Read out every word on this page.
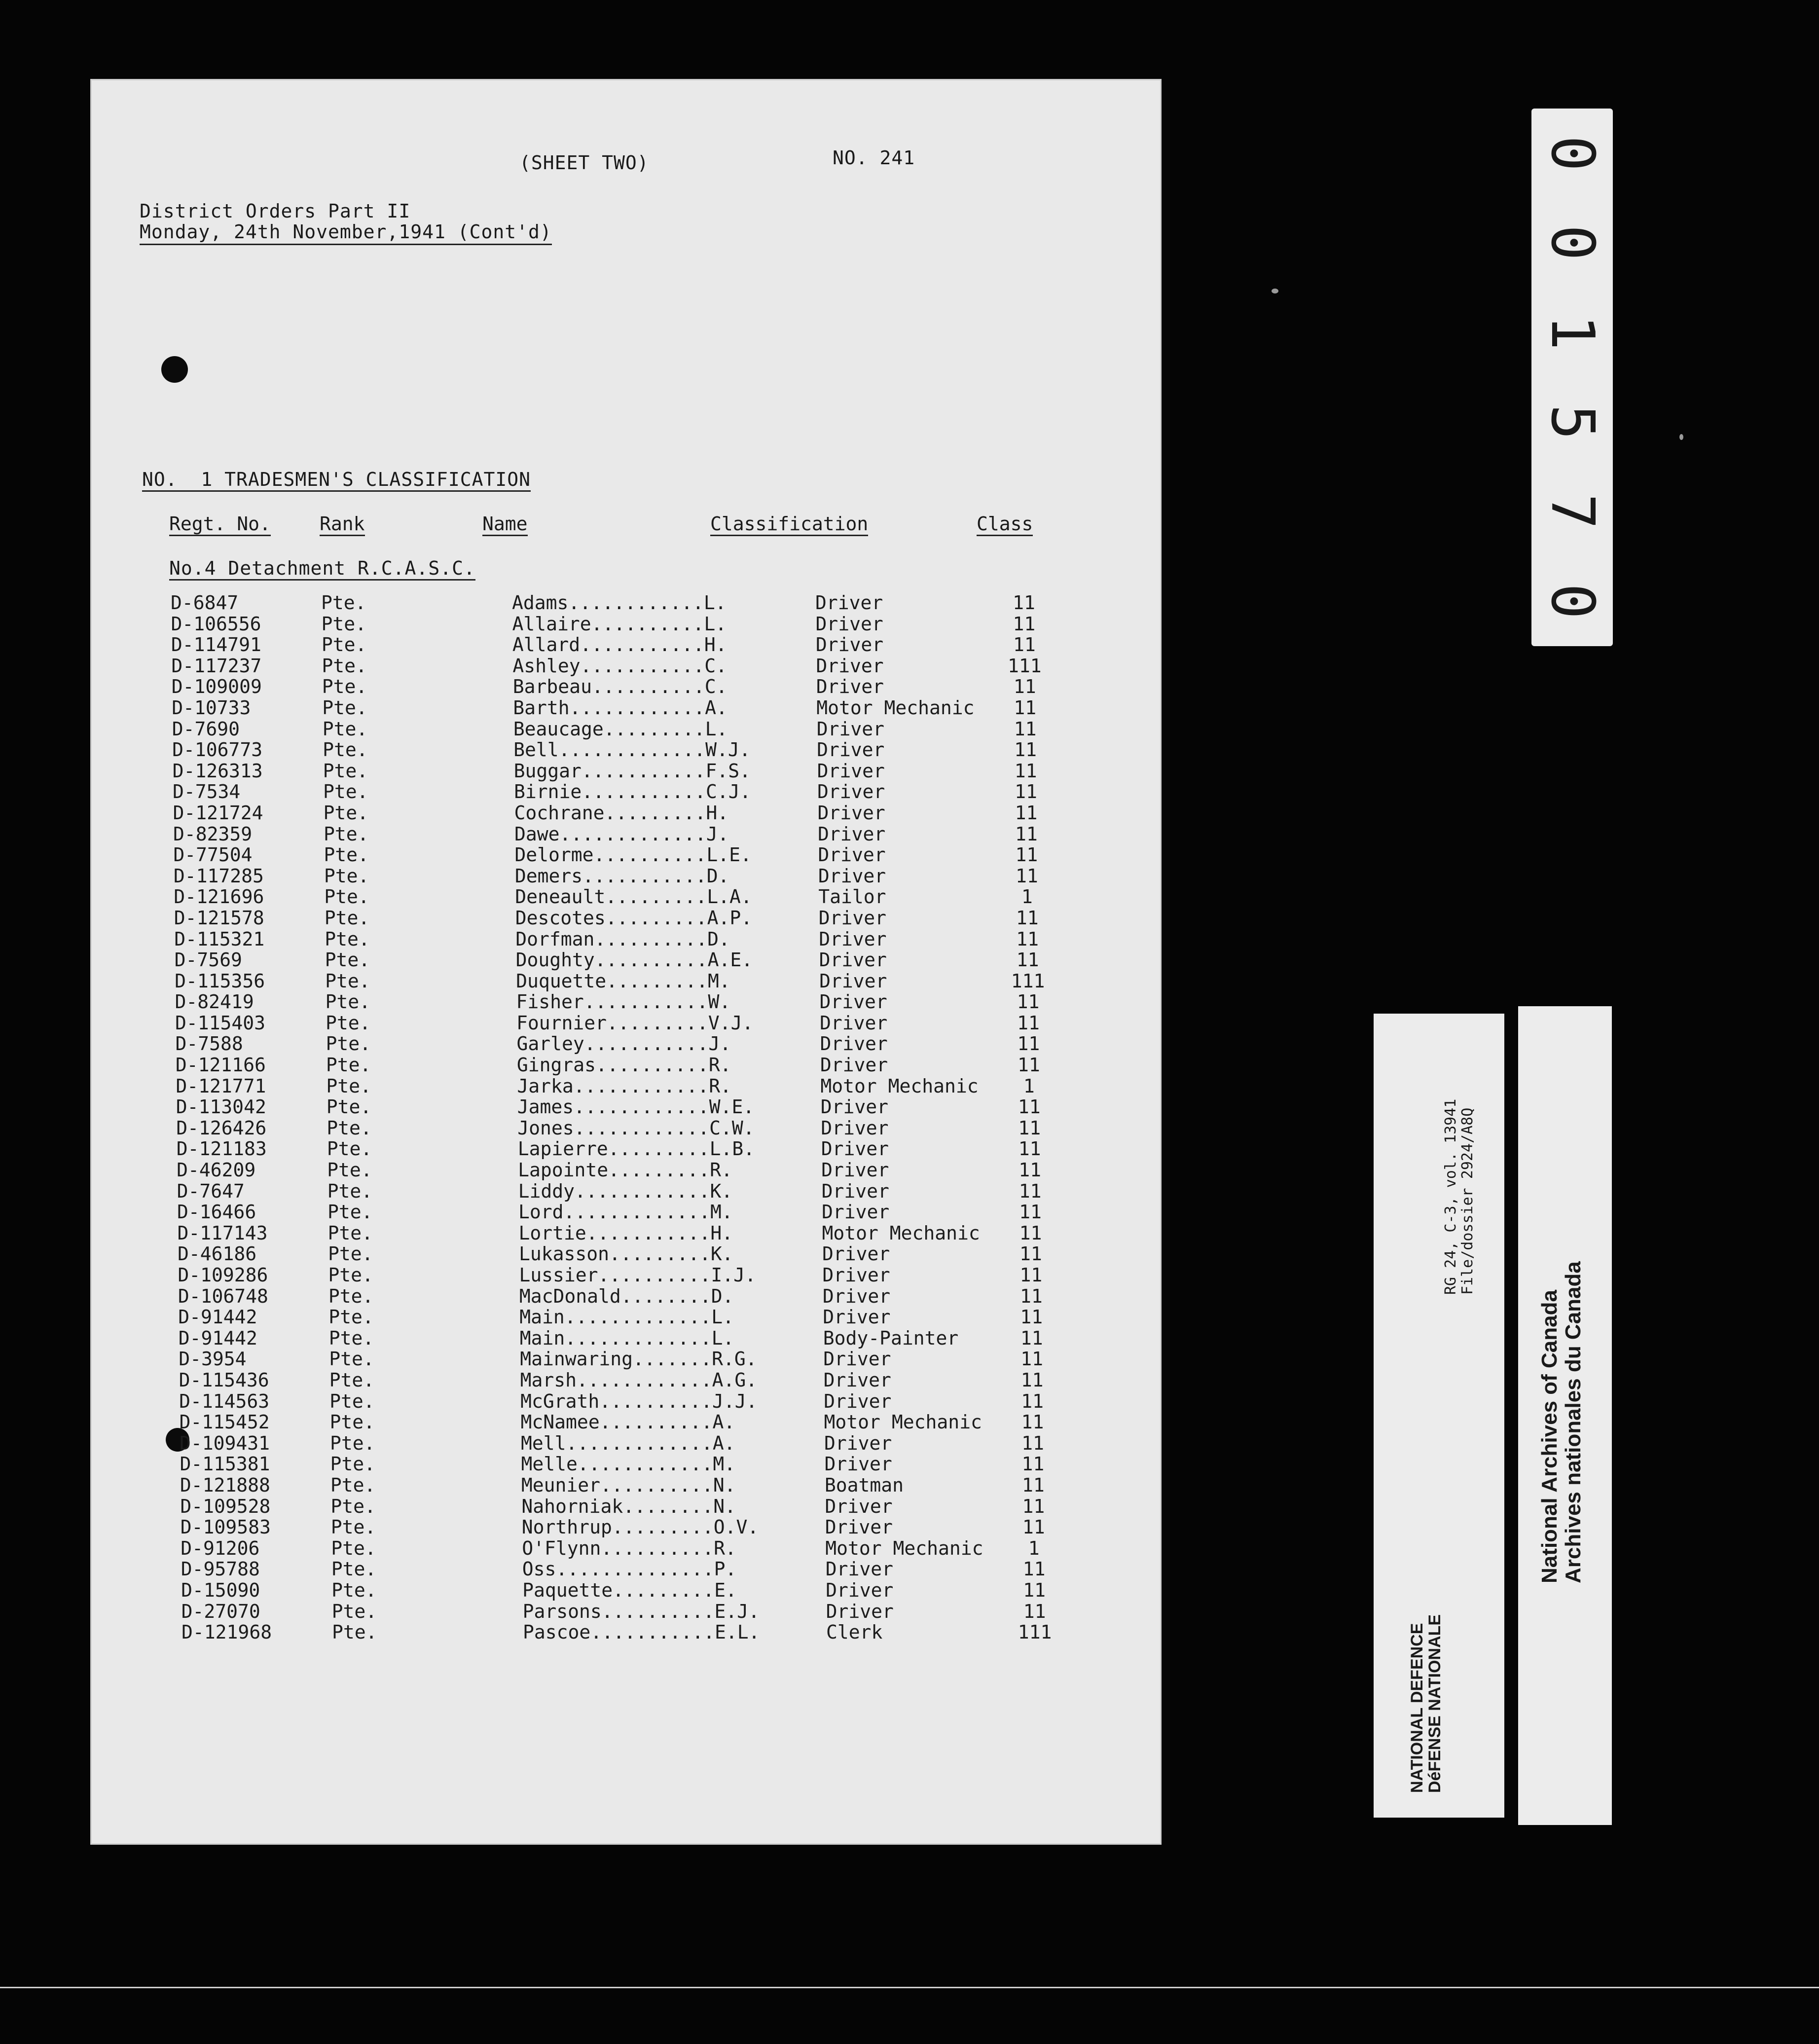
(SHEET TWO)	NO. 241
District Orders Part II
Monday, 24th November,1941 (Cont'd)
NO.  1 TRADESMEN'S CLASSIFICATION
Regt. No.	Rank	Name	Classification	Class
No.4 Detachment R.C.A.S.C.
D-6847	Pte.	Adams............L.	Driver	11
D-106556	Pte.	Allaire..........L.	Driver	11
D-114791	Pte.	Allard...........H.	Driver	11
D-117237	Pte.	Ashley...........C.	Driver	111
D-109009	Pte.	Barbeau..........C.	Driver	11
D-10733	Pte.	Barth............A.	Motor Mechanic	11
D-7690	Pte.	Beaucage.........L.	Driver	11
D-106773	Pte.	Bell.............W.J.	Driver	11
D-126313	Pte.	Buggar...........F.S.	Driver	11
D-7534	Pte.	Birnie...........C.J.	Driver	11
D-121724	Pte.	Cochrane.........H.	Driver	11
D-82359	Pte.	Dawe.............J.	Driver	11
D-77504	Pte.	Delorme..........L.E.	Driver	11
D-117285	Pte.	Demers...........D.	Driver	11
D-121696	Pte.	Deneault.........L.A.	Tailor	1
D-121578	Pte.	Descotes.........A.P.	Driver	11
D-115321	Pte.	Dorfman..........D.	Driver	11
D-7569	Pte.	Doughty..........A.E.	Driver	11
D-115356	Pte.	Duquette.........M.	Driver	111
D-82419	Pte.	Fisher...........W.	Driver	11
D-115403	Pte.	Fournier.........V.J.	Driver	11
D-7588	Pte.	Garley...........J.	Driver	11
D-121166	Pte.	Gingras..........R.	Driver	11
D-121771	Pte.	Jarka............R.	Motor Mechanic	1
D-113042	Pte.	James............W.E.	Driver	11
D-126426	Pte.	Jones............C.W.	Driver	11
D-121183	Pte.	Lapierre.........L.B.	Driver	11
D-46209	Pte.	Lapointe.........R.	Driver	11
D-7647	Pte.	Liddy............K.	Driver	11
D-16466	Pte.	Lord.............M.	Driver	11
D-117143	Pte.	Lortie...........H.	Motor Mechanic	11
D-46186	Pte.	Lukasson.........K.	Driver	11
D-109286	Pte.	Lussier..........I.J.	Driver	11
D-106748	Pte.	MacDonald........D.	Driver	11
D-91442	Pte.	Main.............L.	Driver	11
D-91442	Pte.	Main.............L.	Body-Painter	11
D-3954	Pte.	Mainwaring.......R.G.	Driver	11
D-115436	Pte.	Marsh............A.G.	Driver	11
D-114563	Pte.	McGrath..........J.J.	Driver	11
D-115452	Pte.	McNamee..........A.	Motor Mechanic	11
D-109431	Pte.	Mell.............A.	Driver	11
D-115381	Pte.	Melle............M.	Driver	11
D-121888	Pte.	Meunier..........N.	Boatman	11
D-109528	Pte.	Nahorniak........N.	Driver	11
D-109583	Pte.	Northrup.........O.V.	Driver	11
D-91206	Pte.	O'Flynn..........R.	Motor Mechanic	1
D-95788	Pte.	Oss..............P.	Driver	11
D-15090	Pte.	Paquette.........E.	Driver	11
D-27070	Pte.	Parsons..........E.J.	Driver	11
D-121968	Pte.	Pascoe...........E.L.	Clerk	111
0
0
1
5
7
0
NATIONAL DEFENCE
DéFENSE NATIONALE
RG 24, C-3, vol. 13941
File/dossier 2924/A8Q
National Archives of Canada
Archives nationales du Canada
